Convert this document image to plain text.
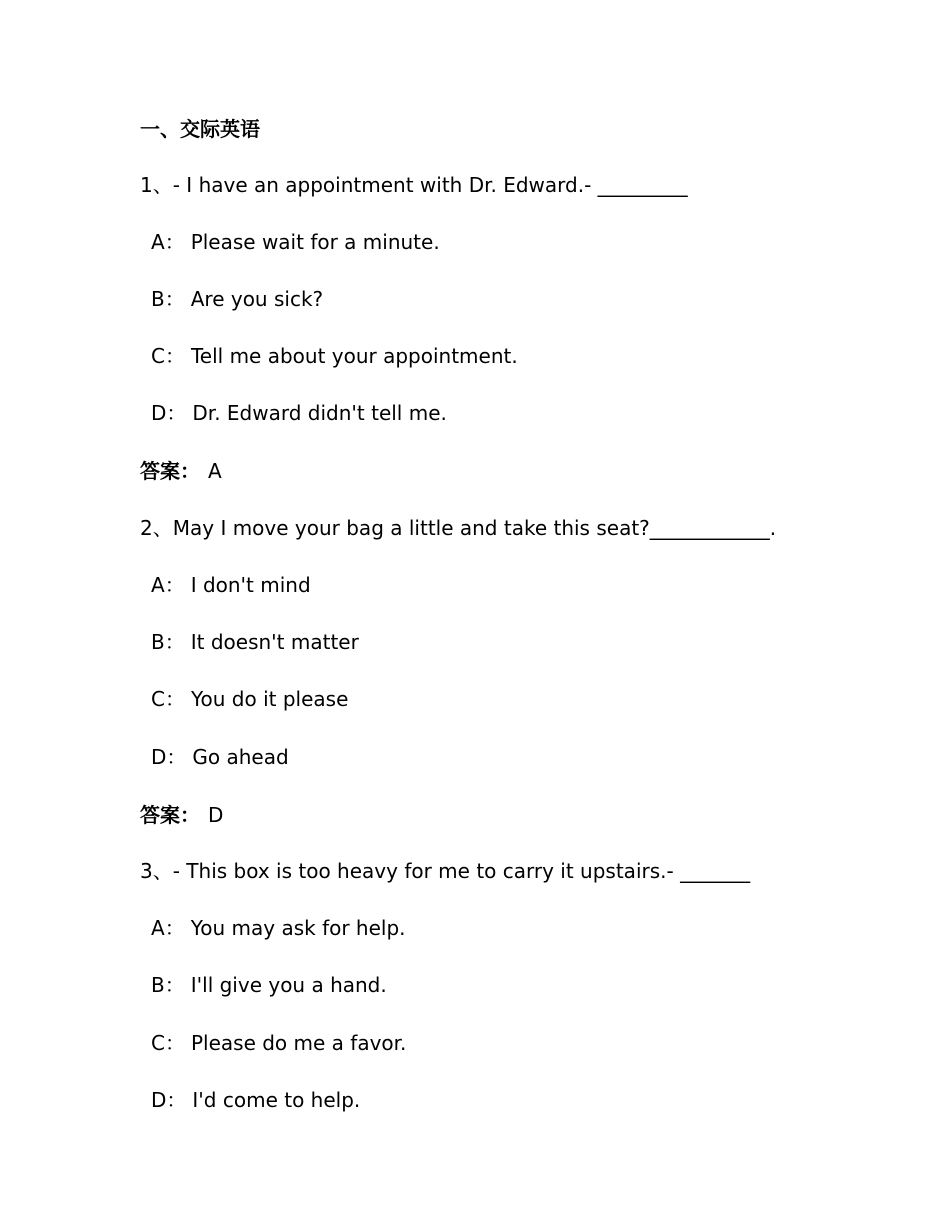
一、交际英语
1、- I have an appointment with Dr. Edward.- _________
A： Please wait for a minute.
B： Are you sick?
C： Tell me about your appointment.
D： Dr. Edward didn't tell me.
答案： A
2、May I move your bag a little and take this seat?____________.
A： I don't mind
B： It doesn't matter
C： You do it please
D： Go ahead
答案： D
3、- This box is too heavy for me to carry it upstairs.- _______
A： You may ask for help.
B： I'll give you a hand.
C： Please do me a favor.
D： I'd come to help.
